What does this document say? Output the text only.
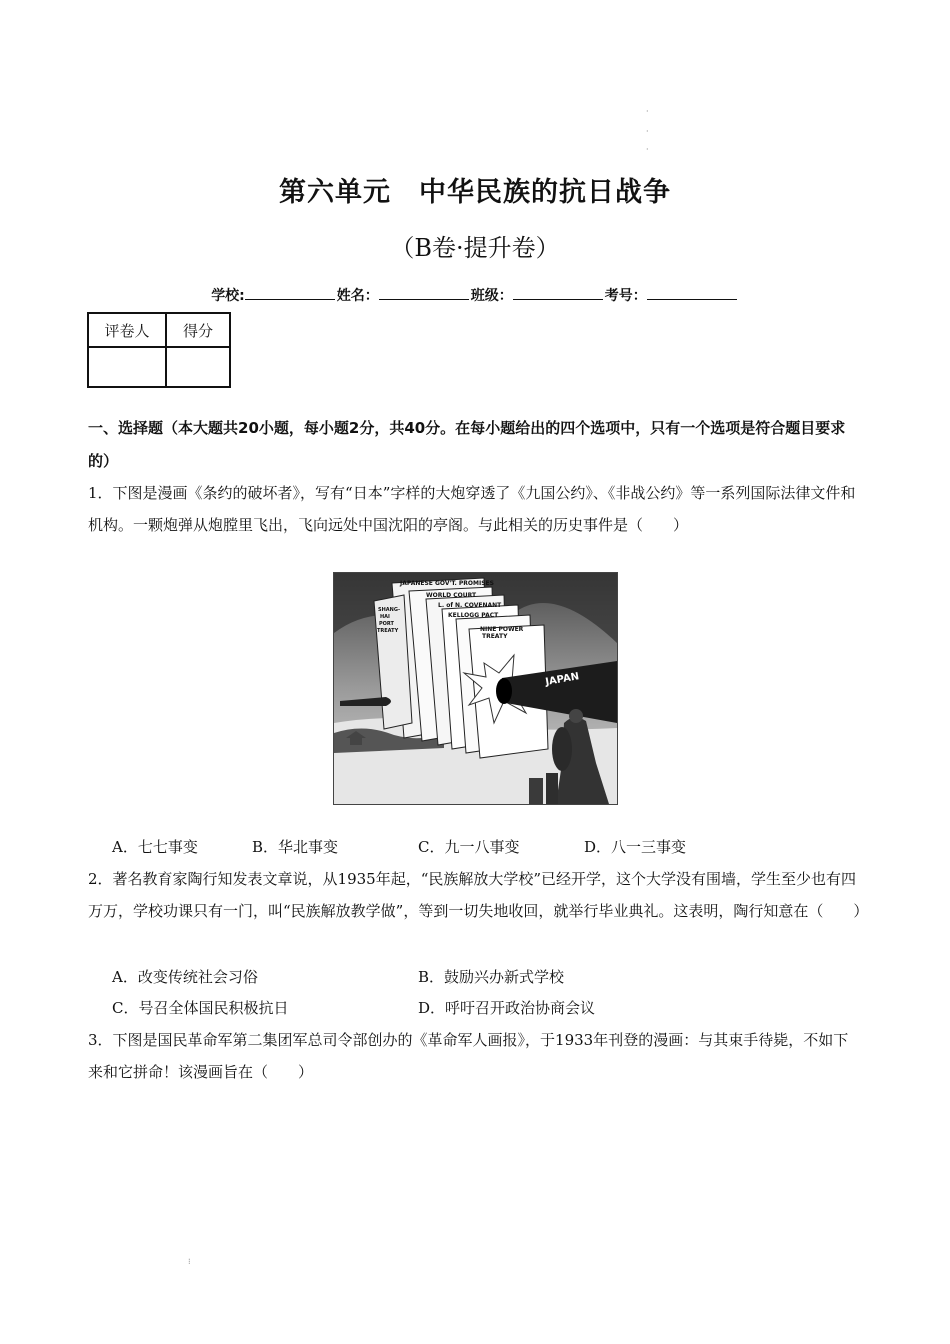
·
·
·
⁝
第六单元　中华民族的抗日战争
（B卷·提升卷）
学校:	姓名：	班级：	考号：
评卷人	得分

一、选择题（本大题共20小题，每小题2分，共40分。在每小题给出的四个选项中，只有一个选项是符合题目要求的）
1．下图是漫画《条约的破坏者》，写有“日本”字样的大炮穿透了《九国公约》、《非战公约》等一系列国际法律文件和机构。一颗炮弹从炮膛里飞出，飞向远处中国沈阳的亭阁。与此相关的历史事件是（　　）
JAPANESE GOV'T. PROMISES
WORLD COURT
L. of N. COVENANT
KELLOGG PACT
NINE POWER
TREATY
SHANG-
HAI
PORT
TREATY
JAPAN
A．七七事变	B．华北事变	C．九一八事变	D．八一三事变
2．著名教育家陶行知发表文章说，从1935年起，“民族解放大学校”已经开学，这个大学没有围墙，学生至少也有四万万，学校功课只有一门，叫“民族解放教学做”，等到一切失地收回，就举行毕业典礼。这表明，陶行知意在（　　）
A．改变传统社会习俗	B．鼓励兴办新式学校
C．号召全体国民积极抗日	D．呼吁召开政治协商会议
3．下图是国民革命军第二集团军总司令部创办的《革命军人画报》，于1933年刊登的漫画：与其束手待毙，不如下来和它拼命！该漫画旨在（　　）
